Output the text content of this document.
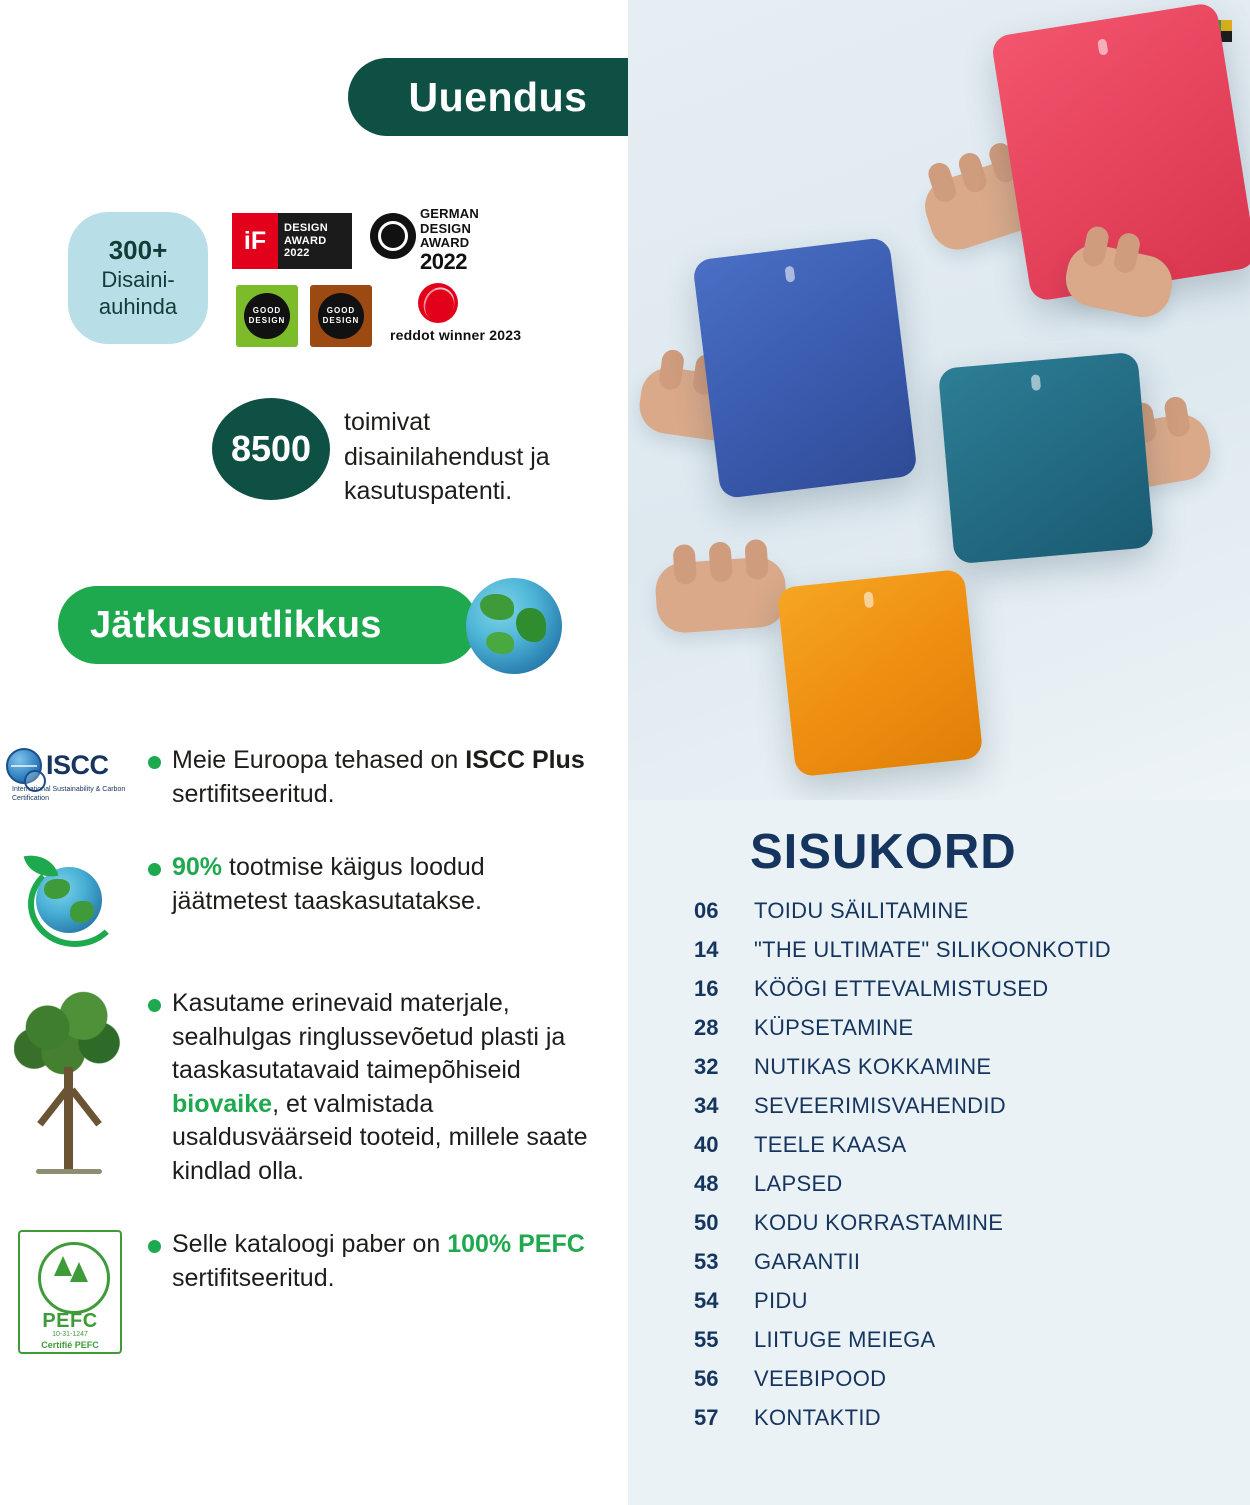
Uuendus
300+
Disaini-
auhinda
iF	DESIGN AWARD
2022
GERMAN DESIGN AWARD
2022
GOOD DESIGN
GOOD DESIGN
reddot winner 2023
8500
toimivat disainilahendust ja kasutuspatenti.
Jätkusuutlikkus
ISCC
International Sustainability & Carbon Certification
Meie Euroopa tehased on ISCC Plus sertifitseeritud.
90% tootmise käigus loodud jäätmetest taaskasutatakse.
Kasutame erinevaid materjale, sealhulgas ringlussevõetud plasti ja taaskasutatavaid taimepõhiseid biovaike, et valmistada usaldusväärseid tooteid, millele saate kindlad olla.
PEFC
10-31-1247
Certifié PEFC
Selle kataloogi paber on 100% PEFC sertifitseeritud.
SISUKORD
06	TOIDU SÄILITAMINE
14	"THE ULTIMATE" SILIKOONKOTID
16	KÖÖGI ETTEVALMISTUSED
28	KÜPSETAMINE
32	NUTIKAS KOKKAMINE
34	SEVEERIMISVAHENDID
40	TEELE KAASA
48	LAPSED
50	KODU KORRASTAMINE
53	GARANTII
54	PIDU
55	LIITUGE MEIEGA
56	VEEBIPOOD
57	KONTAKTID
